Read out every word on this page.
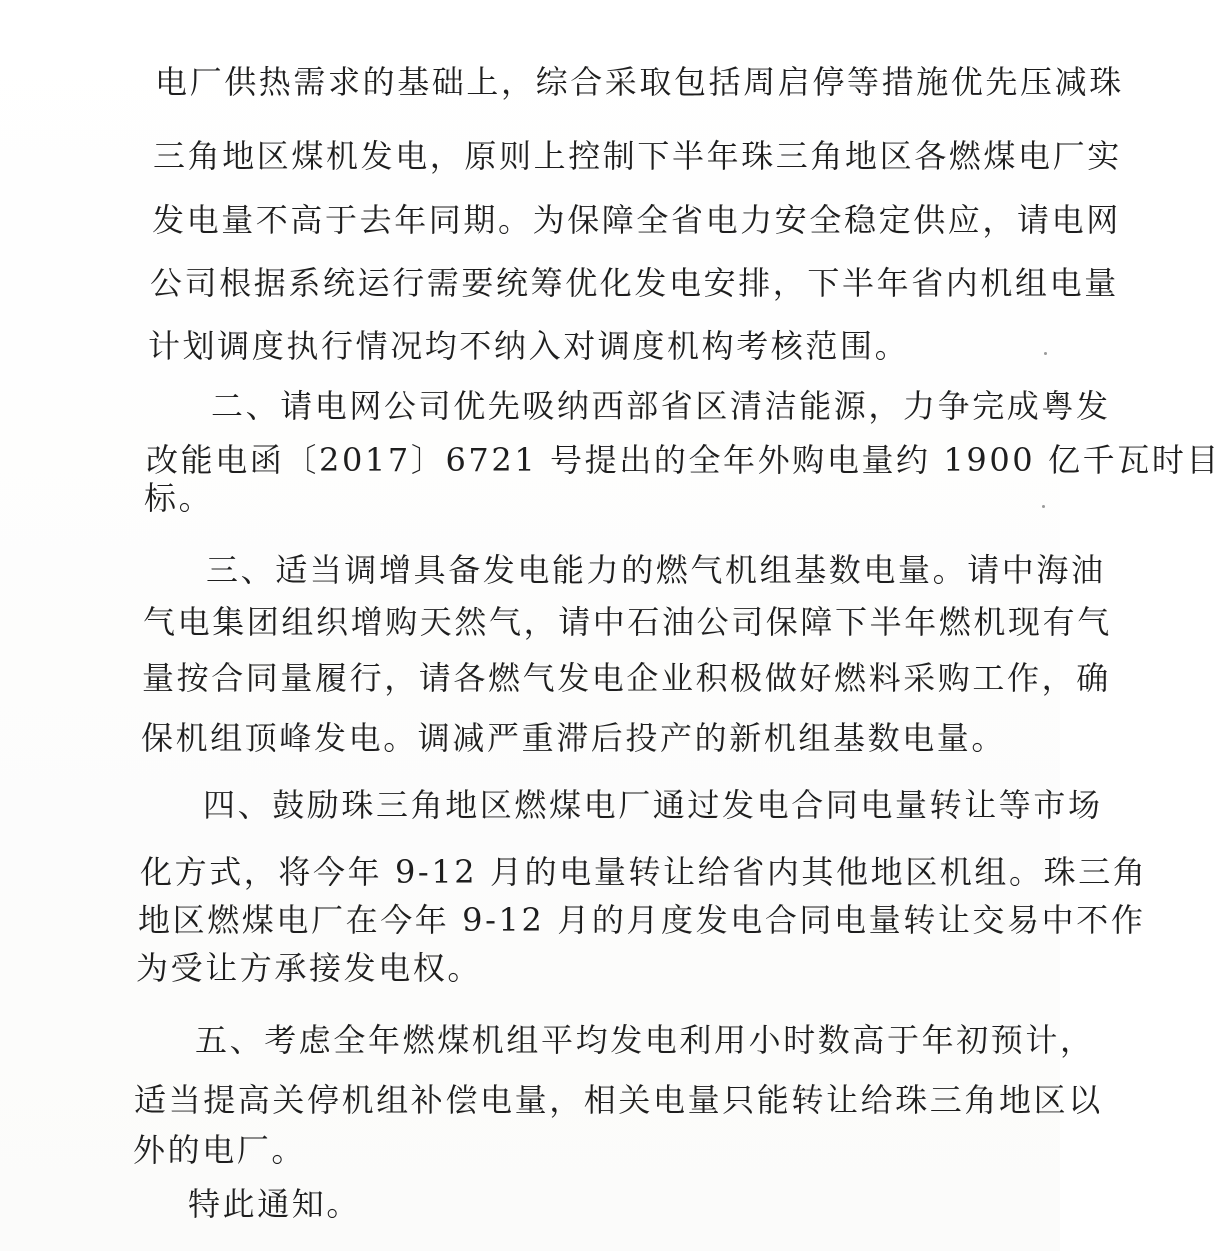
电厂供热需求的基础上，综合采取包括周启停等措施优先压减珠
三角地区煤机发电，原则上控制下半年珠三角地区各燃煤电厂实
发电量不高于去年同期。为保障全省电力安全稳定供应，请电网
公司根据系统运行需要统筹优化发电安排，下半年省内机组电量
计划调度执行情况均不纳入对调度机构考核范围。
二、请电网公司优先吸纳西部省区清洁能源，力争完成粤发
改能电函〔2017〕6721 号提出的全年外购电量约 1900 亿千瓦时目
标。
三、适当调增具备发电能力的燃气机组基数电量。请中海油
气电集团组织增购天然气，请中石油公司保障下半年燃机现有气
量按合同量履行，请各燃气发电企业积极做好燃料采购工作，确
保机组顶峰发电。调减严重滞后投产的新机组基数电量。
四、鼓励珠三角地区燃煤电厂通过发电合同电量转让等市场
化方式，将今年 9-12 月的电量转让给省内其他地区机组。珠三角
地区燃煤电厂在今年 9-12 月的月度发电合同电量转让交易中不作
为受让方承接发电权。
五、考虑全年燃煤机组平均发电利用小时数高于年初预计，
适当提高关停机组补偿电量，相关电量只能转让给珠三角地区以
外的电厂。
特此通知。
